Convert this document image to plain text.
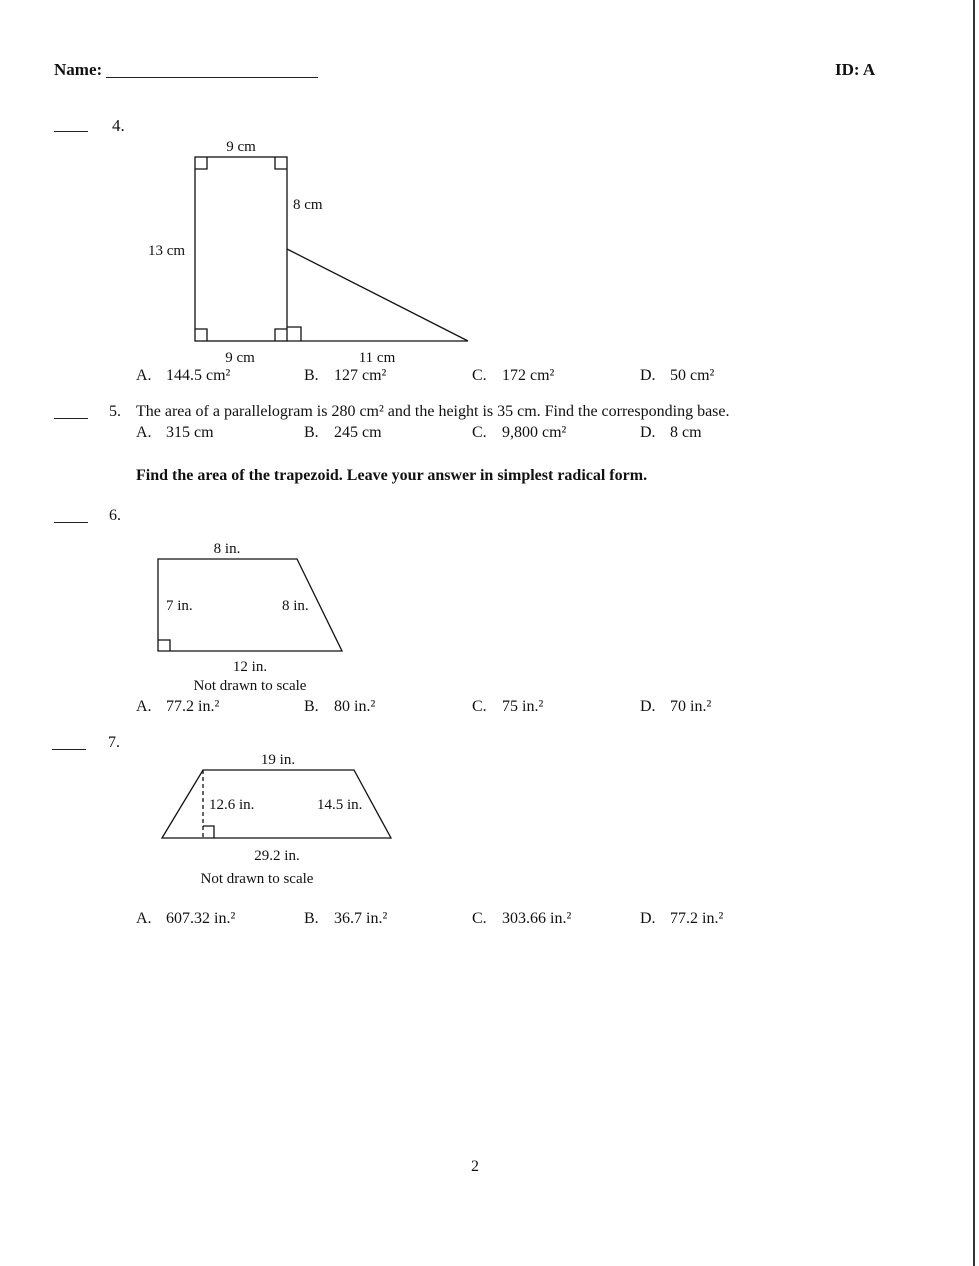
Name:	ID: A
4.
9 cm
8 cm
13 cm
9 cm	11 cm
A. 144.5 cm²	B. 127 cm²	C. 172 cm²	D. 50 cm²
5. The area of a parallelogram is 280 cm² and the height is 35 cm. Find the corresponding base.
A. 315 cm	B. 245 cm	C. 9,800 cm²	D. 8 cm
Find the area of the trapezoid. Leave your answer in simplest radical form.
6.
8 in.
7 in.	8 in.
12 in.
Not drawn to scale
A. 77.2 in.²	B. 80 in.²	C. 75 in.²	D. 70 in.²
7.
19 in.
12.6 in.	14.5 in.
29.2 in.
Not drawn to scale
A. 607.32 in.²	B. 36.7 in.²	C. 303.66 in.²	D. 77.2 in.²
2
